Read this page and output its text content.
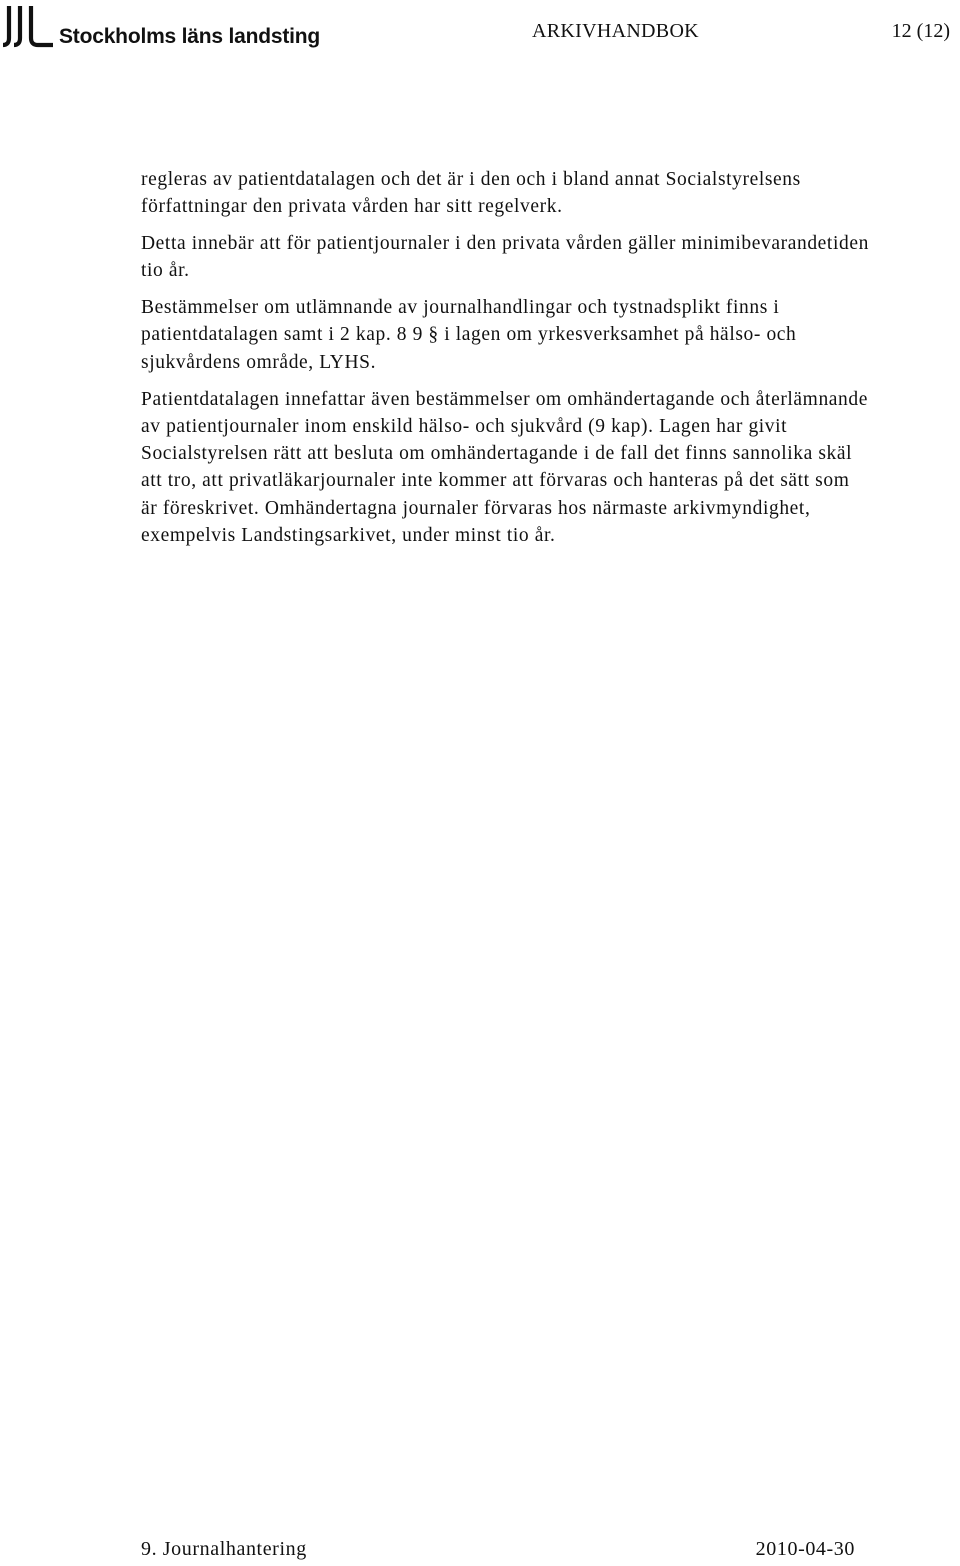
Stockholms läns landsting	ARKIVHANDBOK	12 (12)

regleras av patientdatalagen och det är i den och i bland annat Socialstyrelsens författningar den privata vården har sitt regelverk.

Detta innebär att för patientjournaler i den privata vården gäller minimibevarandetiden tio år.

Bestämmelser om utlämnande av journalhandlingar och tystnadsplikt finns i patientdatalagen samt i 2 kap. 8 9 § i lagen om yrkesverksamhet på hälso- och sjukvårdens område, LYHS.

Patientdatalagen innefattar även bestämmelser om omhändertagande och återlämnande av patientjournaler inom enskild hälso- och sjukvård (9 kap). Lagen har givit Socialstyrelsen rätt att besluta om omhändertagande i de fall det finns sannolika skäl att tro, att privatläkarjournaler inte kommer att förvaras och hanteras på det sätt som är föreskrivet. Omhändertagna journaler förvaras hos närmaste arkivmyndighet, exempelvis Landstingsarkivet, under minst tio år.

9. Journalhantering	2010-04-30
